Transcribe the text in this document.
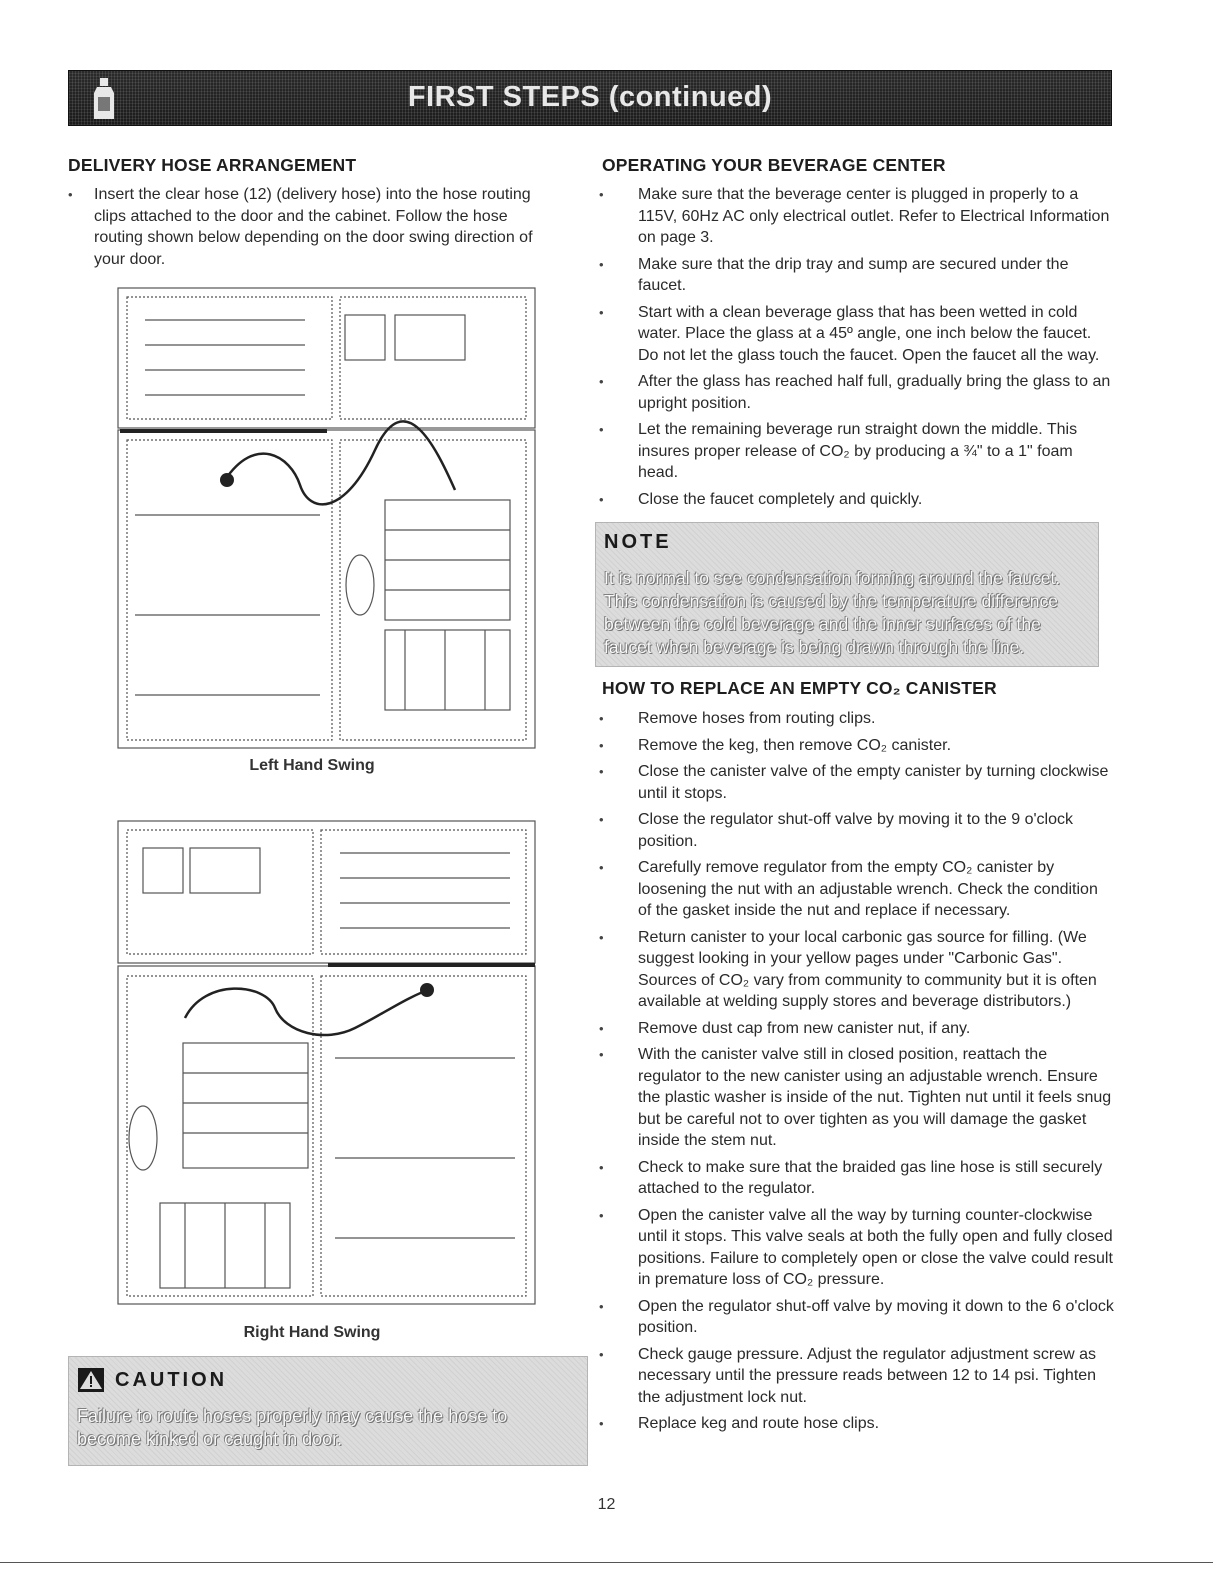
FIRST STEPS (continued)
DELIVERY HOSE ARRANGEMENT
• Insert the clear hose (12) (delivery hose) into the hose routing clips attached to the door and the cabinet. Follow the hose routing shown below depending on the door swing direction of your door.
Left Hand Swing
Right Hand Swing
CAUTION
Failure to route hoses properly may cause the hose to become kinked or caught in door.
OPERATING YOUR BEVERAGE CENTER
• Make sure that the beverage center is plugged in properly to a 115V, 60Hz AC only electrical outlet. Refer to Electrical Information on page 3.
• Make sure that the drip tray and sump are secured under the faucet.
• Start with a clean beverage glass that has been wetted in cold water. Place the glass at a 45º angle, one inch below the faucet. Do not let the glass touch the faucet. Open the faucet all the way.
• After the glass has reached half full, gradually bring the glass to an upright position.
• Let the remaining beverage run straight down the middle. This insures proper release of CO₂ by producing a ¾" to a 1" foam head.
• Close the faucet completely and quickly.
NOTE
It is normal to see condensation forming around the faucet. This condensation is caused by the temperature difference between the cold beverage and the inner surfaces of the faucet when beverage is being drawn through the line.
HOW TO REPLACE AN EMPTY CO₂ CANISTER
• Remove hoses from routing clips.
• Remove the keg, then remove CO₂ canister.
• Close the canister valve of the empty canister by turning clockwise until it stops.
• Close the regulator shut-off valve by moving it to the 9 o'clock position.
• Carefully remove regulator from the empty CO₂ canister by loosening the nut with an adjustable wrench. Check the condition of the gasket inside the nut and replace if necessary.
• Return canister to your local carbonic gas source for filling. (We suggest looking in your yellow pages under "Carbonic Gas". Sources of CO₂ vary from community to community but it is often available at welding supply stores and beverage distributors.)
• Remove dust cap from new canister nut, if any.
• With the canister valve still in closed position, reattach the regulator to the new canister using an adjustable wrench. Ensure the plastic washer is inside of the nut. Tighten nut until it feels snug but be careful not to over tighten as you will damage the gasket inside the stem nut.
• Check to make sure that the braided gas line hose is still securely attached to the regulator.
• Open the canister valve all the way by turning counter-clockwise until it stops. This valve seals at both the fully open and fully closed positions. Failure to completely open or close the valve could result in premature loss of CO₂ pressure.
• Open the regulator shut-off valve by moving it down to the 6 o'clock position.
• Check gauge pressure. Adjust the regulator adjustment screw as necessary until the pressure reads between 12 to 14 psi. Tighten the adjustment lock nut.
• Replace keg and route hose clips.
12
